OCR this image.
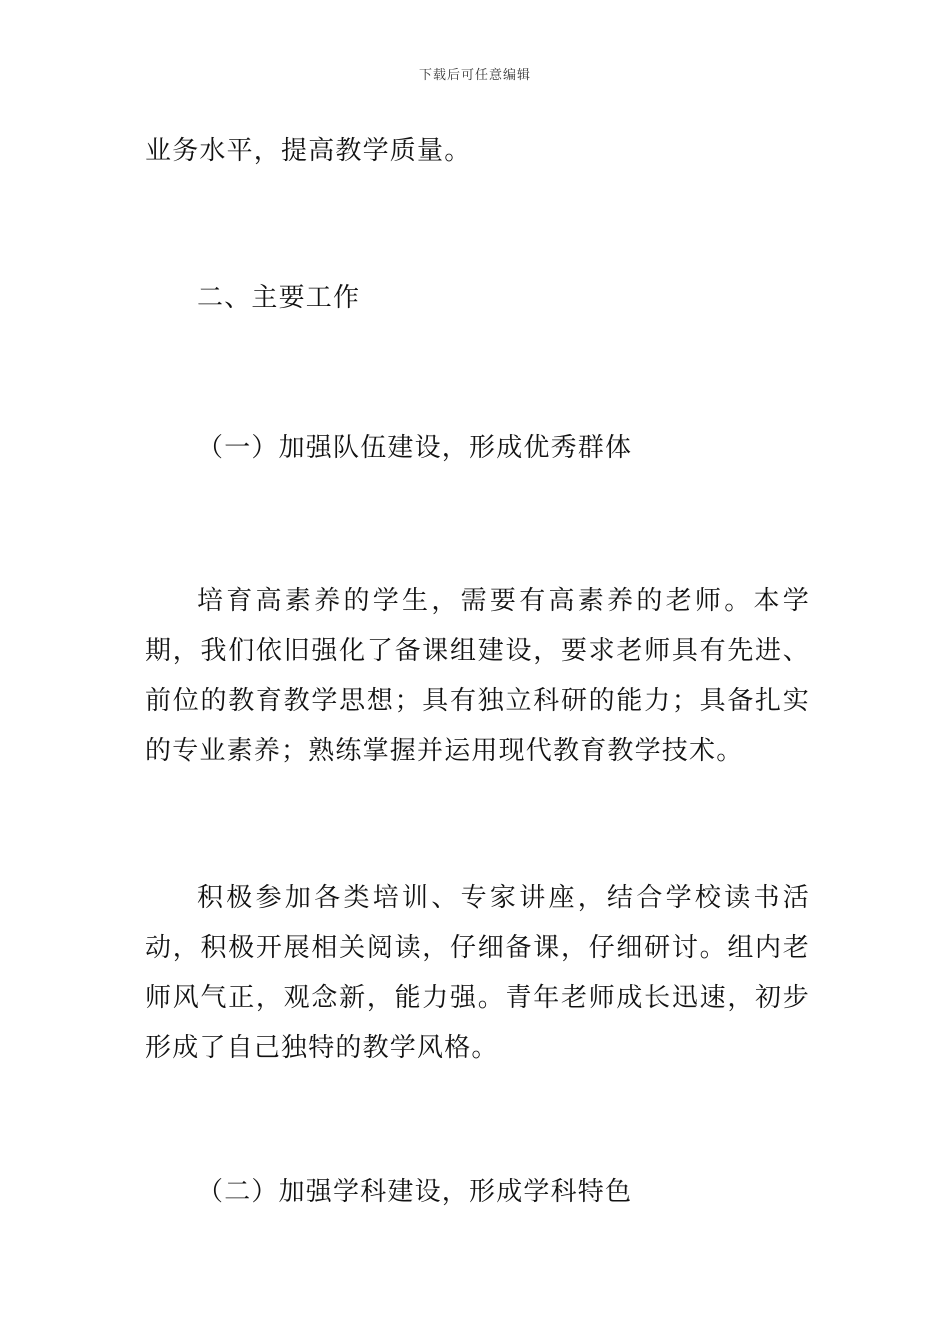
下载后可任意编辑

业务水平，提高教学质量。

二、主要工作

（一）加强队伍建设，形成优秀群体

培育高素养的学生，需要有高素养的老师。本学期，我们依旧强化了备课组建设，要求老师具有先进、前位的教育教学思想；具有独立科研的能力；具备扎实的专业素养；熟练掌握并运用现代教育教学技术。

积极参加各类培训、专家讲座，结合学校读书活动，积极开展相关阅读，仔细备课，仔细研讨。组内老师风气正，观念新，能力强。青年老师成长迅速，初步形成了自己独特的教学风格。

（二）加强学科建设，形成学科特色
